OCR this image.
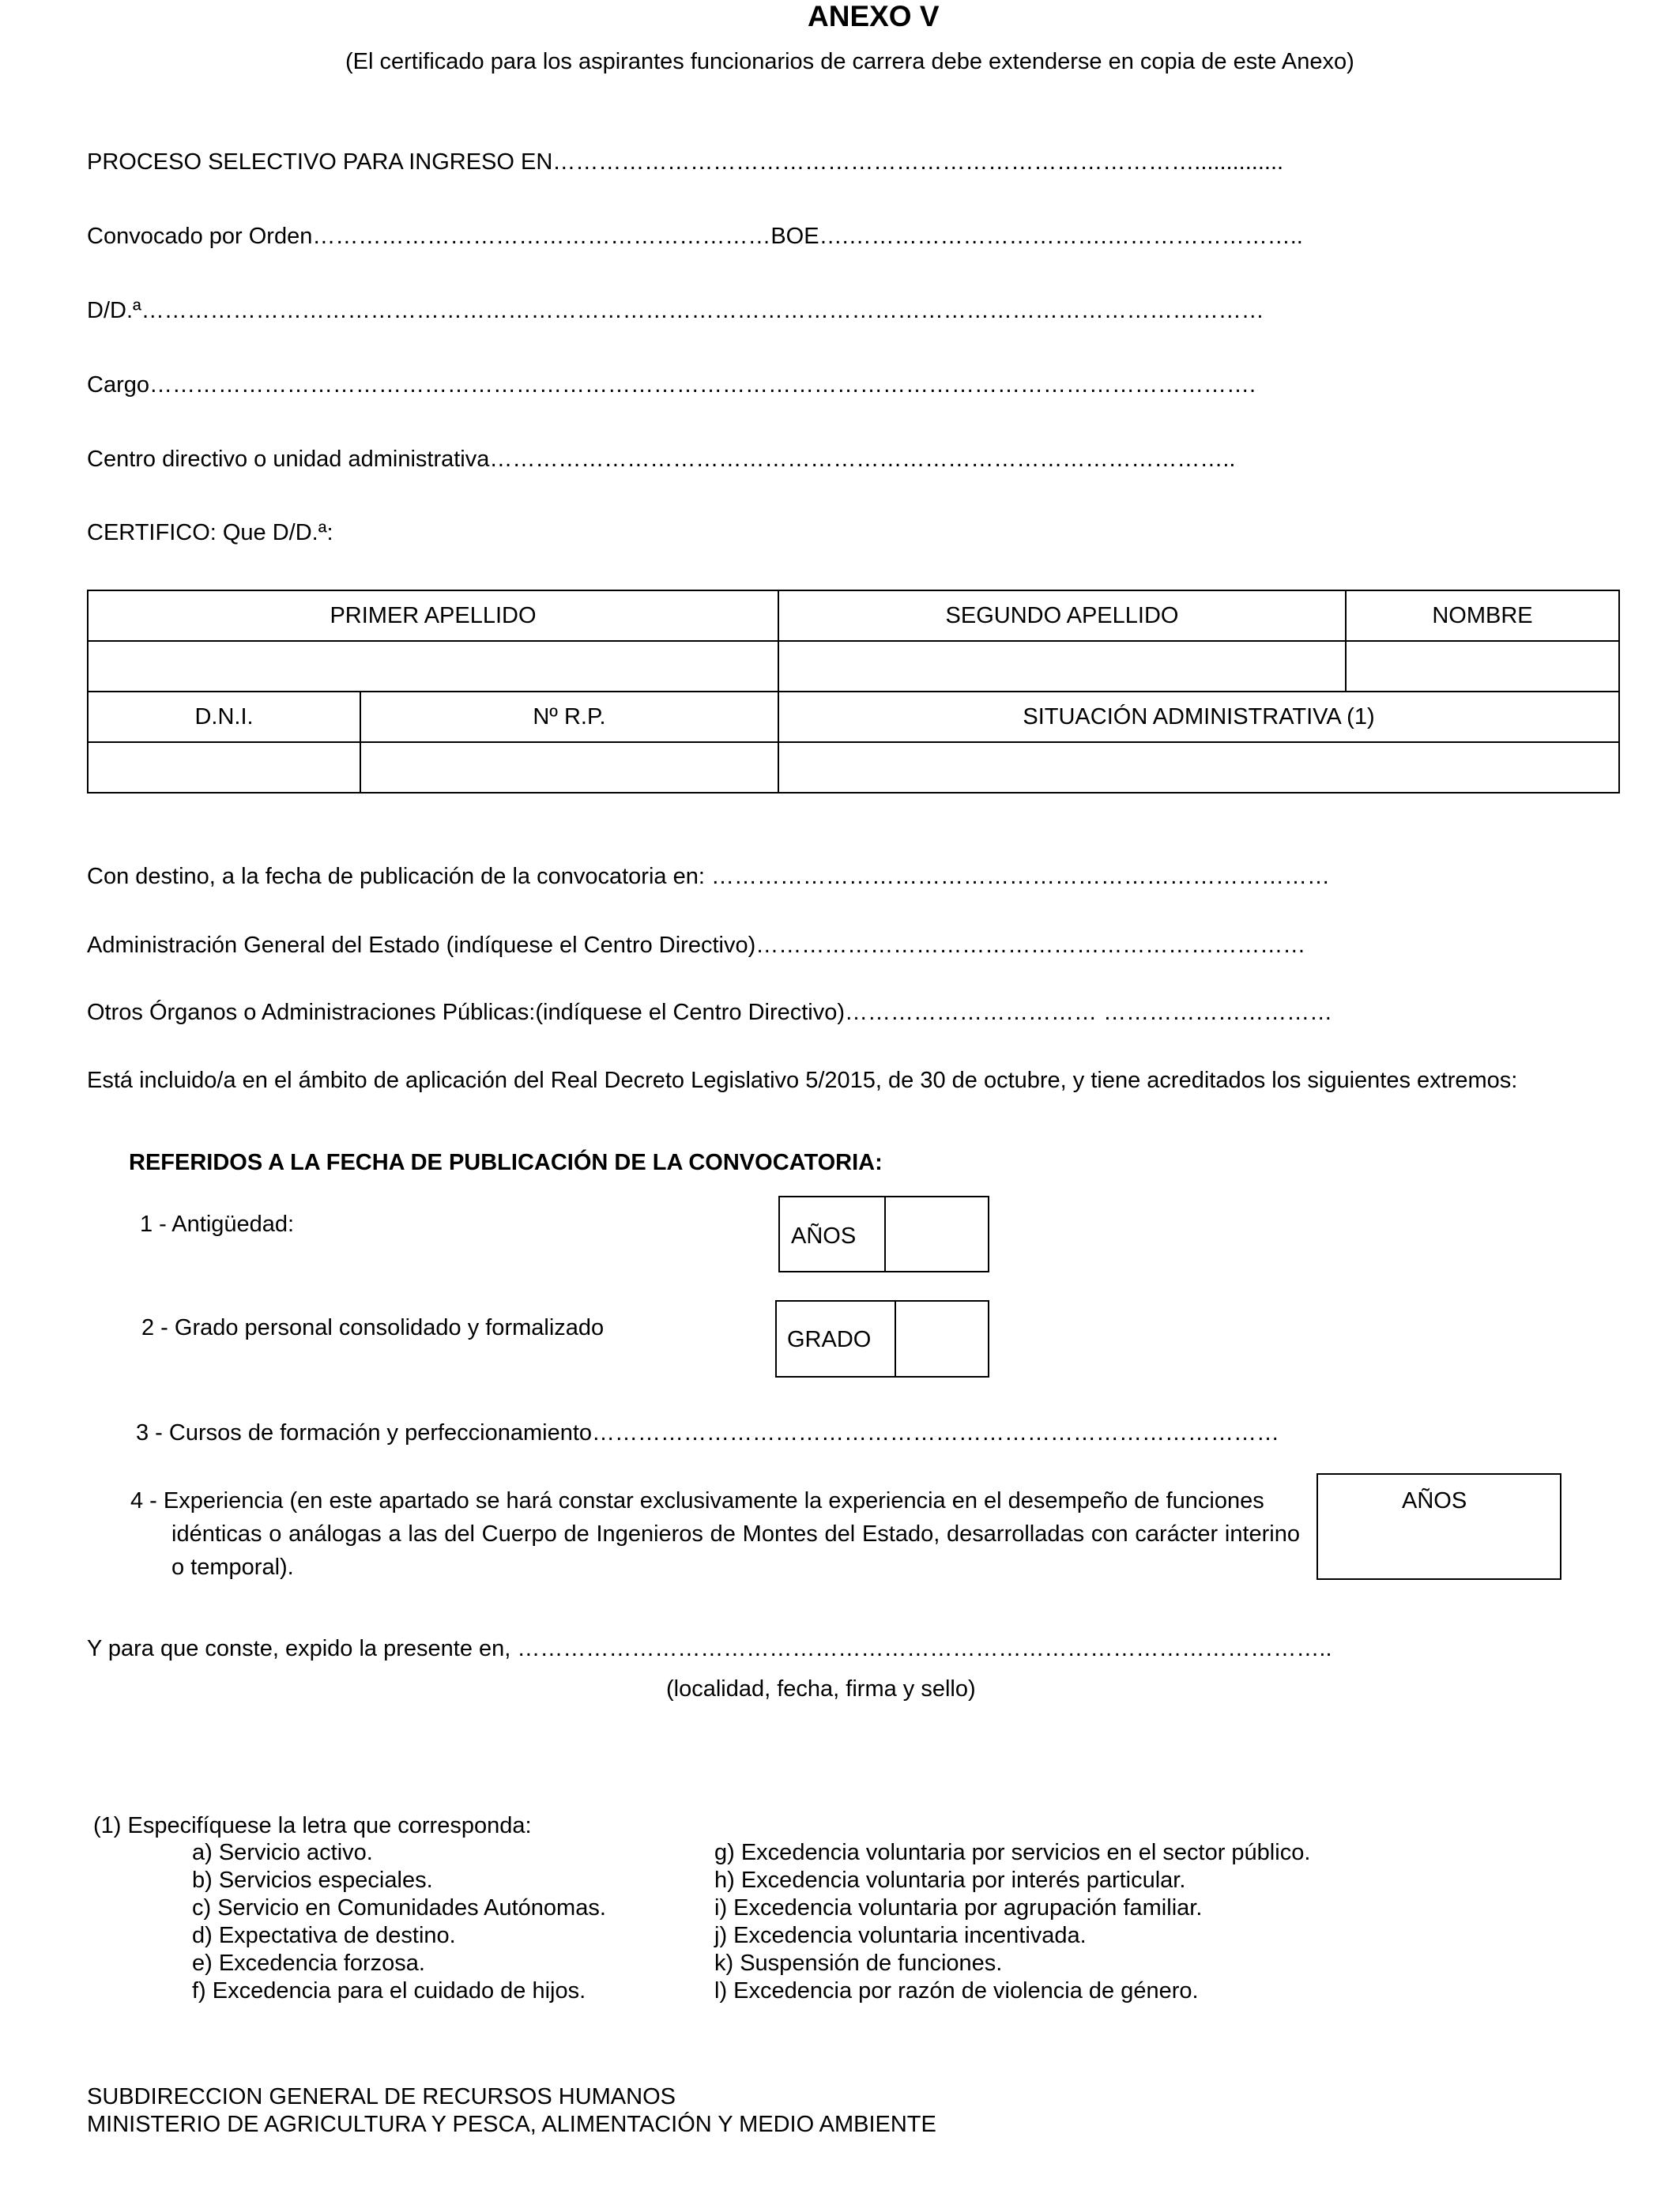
ANEXO V
(El certificado para los aspirantes funcionarios de carrera debe extenderse en copia de este Anexo)
PROCESO SELECTIVO PARA INGRESO EN…………………………………………………………………………..............
Convocado por Orden……………………………………………………BOE….…………………………….……………………..
D/D.ª…………………………………………………………………………………………………………………………………
Cargo……………………………………………………………………………………………………………………………….
Centro directivo o unidad administrativa……………………………………………………………………………………..
CERTIFICO: Que D/D.ª:
PRIMER APELLIDO		SEGUNDO APELLIDO	NOMBRE

D.N.I.	Nº R.P.	SITUACIÓN ADMINISTRATIVA (1)	

Con destino, a la fecha de publicación de la convocatoria en: ………………………………………………………………………
Administración General del Estado (indíquese el Centro Directivo)………………………………………………………………
Otros Órganos o Administraciones Públicas:(indíquese el Centro Directivo)…………………………… …………………………
Está incluido/a en el ámbito de aplicación del Real Decreto Legislativo 5/2015, de 30 de octubre, y tiene acreditados los siguientes extremos:
REFERIDOS A LA FECHA DE PUBLICACIÓN DE LA CONVOCATORIA:
1 - Antigüedad:	AÑOS
2 - Grado personal consolidado y formalizado	GRADO
3 - Cursos de formación y perfeccionamiento………………………………………………………………………………
4 - Experiencia (en este apartado se hará constar exclusivamente la experiencia en el desempeño de funciones
idénticas o análogas a las del Cuerpo de Ingenieros de Montes del Estado, desarrolladas con carácter interino o temporal).
AÑOS
Y para que conste, expido la presente en, ……………………………………………………………………………………………..
(localidad, fecha, firma y sello)
(1) Especifíquese la letra que corresponda:
a) Servicio activo.
b) Servicios especiales.
c) Servicio en Comunidades Autónomas.
d) Expectativa de destino.
e) Excedencia forzosa.
f) Excedencia para el cuidado de hijos.
g) Excedencia voluntaria por servicios en el sector público.
h) Excedencia voluntaria por interés particular.
i) Excedencia voluntaria por agrupación familiar.
j) Excedencia voluntaria incentivada.
k) Suspensión de funciones.
l) Excedencia por razón de violencia de género.
SUBDIRECCION GENERAL DE RECURSOS HUMANOS
MINISTERIO DE AGRICULTURA Y PESCA, ALIMENTACIÓN Y MEDIO AMBIENTE
